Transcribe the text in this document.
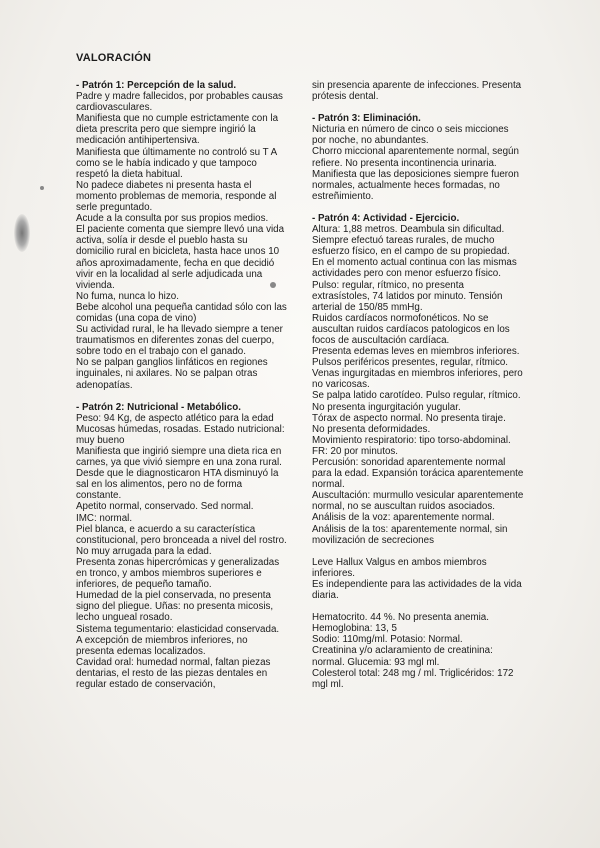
VALORACIÓN

- Patrón 1: Percepción de la salud.

Padre y madre fallecidos, por probables causas cardiovasculares.

Manifiesta que no cumple estrictamente con la dieta prescrita pero que siempre ingirió la medicación antihipertensiva.

Manifiesta que últimamente no controló su T A como se le había indicado y que tampoco respetó la dieta habitual.

No padece diabetes ni presenta hasta el momento problemas de memoria, responde al serle preguntado.

Acude a la consulta por sus propios medios.

El paciente comenta que siempre llevó una vida activa, solía ir desde el pueblo hasta su domicilio rural en bicicleta, hasta hace unos 10 años aproximadamente, fecha en que decidió vivir en la localidad al serle adjudicada una vivienda.

No fuma, nunca lo hizo.

Bebe alcohol una pequeña cantidad sólo con las comidas (una copa de vino)

Su actividad rural, le ha llevado siempre a tener traumatismos en diferentes zonas del cuerpo, sobre todo en el trabajo con el ganado.

No se palpan ganglios linfáticos en regiones inguinales, ni axilares. No se palpan otras adenopatías.

- Patrón 2: Nutricional - Metabólico.

Peso: 94 Kg, de aspecto atlético para la edad

Mucosas húmedas, rosadas. Estado nutricional: muy bueno

Manifiesta que ingirió siempre una dieta rica en carnes, ya que vivió siempre en una zona rural. Desde que le diagnosticaron HTA disminuyó la sal en los alimentos, pero no de forma constante.

Apetito normal, conservado. Sed normal.

IMC: normal.

Piel blanca, e acuerdo a su característica constitucional, pero bronceada a nivel del rostro. No muy arrugada para la edad.

Presenta zonas hipercrómicas y generalizadas en tronco, y ambos miembros superiores e inferiores, de pequeño tamaño.

Humedad de la piel conservada, no presenta signo del pliegue. Uñas: no presenta micosis, lecho ungueal rosado.

Sistema tegumentario: elasticidad conservada.

A excepción de miembros inferiores, no presenta edemas localizados.

Cavidad oral: humedad normal, faltan piezas dentarias, el resto de las piezas dentales en regular estado de conservación,

sin presencia aparente de infecciones. Presenta prótesis dental.

- Patrón 3: Eliminación.

Nicturia en número de cinco o seis micciones por noche, no abundantes.

Chorro miccional aparentemente normal, según refiere. No presenta incontinencia urinaria.

Manifiesta que las deposiciones siempre fueron normales, actualmente heces formadas, no estreñimiento.

- Patrón 4: Actividad - Ejercicio.

Altura: 1,88 metros. Deambula sin dificultad.

Siempre efectuó tareas rurales, de mucho esfuerzo físico, en el campo de su propiedad. En el momento actual continua con las mismas actividades pero con menor esfuerzo físico.

Pulso: regular, rítmico, no presenta extrasístoles, 74 latidos por minuto. Tensión arterial de 150/85 mmHg.

Ruidos cardíacos normofonéticos. No se auscultan ruidos cardíacos patologicos en los focos de auscultación cardíaca.

Presenta edemas leves en miembros inferiores. Pulsos periféricos presentes, regular, rítmico. Venas ingurgitadas en miembros inferiores, pero no varicosas.

Se palpa latido carotídeo. Pulso regular, rítmico. No presenta ingurgitación yugular.

Tórax de aspecto normal. No presenta tiraje.

No presenta deformidades.

Movimiento respiratorio: tipo torso-abdominal. FR: 20 por minutos.

Percusión: sonoridad aparentemente normal para la edad. Expansión torácica aparentemente normal.

Auscultación: murmullo vesicular aparentemente normal, no se auscultan ruidos asociados.

Análisis de la voz: aparentemente normal.

Análisis de la tos: aparentemente normal, sin movilización de secreciones

Leve Hallux Valgus en ambos miembros inferiores.

Es independiente para las actividades de la vida diaria.

Hematocrito. 44 %. No presenta anemia.

Hemoglobina: 13, 5

Sodio: 110mg/ml. Potasio: Normal.

Creatinina y/o aclaramiento de creatinina: normal. Glucemia: 93 mgl ml.

Colesterol total: 248 mg / ml. Triglicéridos: 172 mgl ml.
